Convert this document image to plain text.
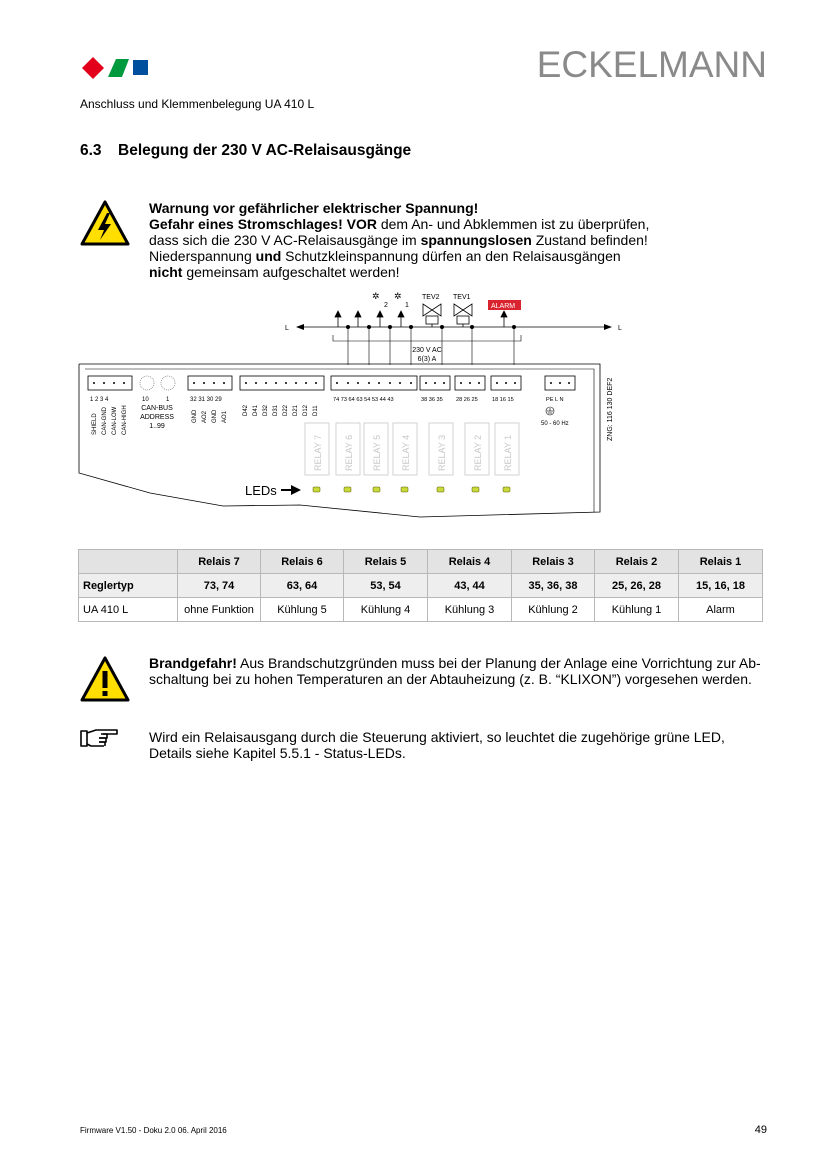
ECKELMANN
Anschluss und Klemmenbelegung UA 410 L
6.3 Belegung der 230 V AC-Relaisausgänge
Warnung vor gefährlicher elektrischer Spannung!
Gefahr eines Stromschlages! VOR dem An- und Abklemmen ist zu überprüfen,
dass sich die 230 V AC-Relaisausgänge im spannungslosen Zustand befinden!
Niederspannung und Schutzkleinspannung dürfen an den Relaisausgängen
nicht gemeinsam aufgeschaltet werden!
L	L
✲
2
✲
1
TEV2 TEV1
ALARM
230 V AC
6(3) A
1 2 3 4
SHIELD CAN-GND CAN-LOW CAN-HIGH
10	1
CAN-BUS
ADDRESS
1..99
32 31 30 29
GND AO2 GND AO1
D42 D41 D32 D31 D22 D21 D12 D11
74 73 64 63 54 53 44 43	38 36 35 28 26 25	18 16 15	PE L N
50 - 60 Hz	ZNG: 116 130 DEF2
RELAY 7 RELAY 6 RELAY 5 RELAY 4	RELAY 3	RELAY 2 RELAY 1
LEDs
	Relais 7	Relais 6	Relais 5	Relais 4	Relais 3	Relais 2	Relais 1
Reglertyp	73, 74	63, 64	53, 54	43, 44	35, 36, 38	25, 26, 28	15, 16, 18
UA 410 L	ohne Funktion	Kühlung 5	Kühlung 4	Kühlung 3	Kühlung 2	Kühlung 1	Alarm
Brandgefahr! Aus Brandschutzgründen muss bei der Planung der Anlage eine Vorrichtung zur Ab-
schaltung bei zu hohen Temperaturen an der Abtauheizung (z. B. “KLIXON”) vorgesehen werden.
Wird ein Relaisausgang durch die Steuerung aktiviert, so leuchtet die zugehörige grüne LED,
Details siehe Kapitel 5.5.1 - Status-LEDs.
Firmware V1.50 - Doku 2.0 06. April 2016	49
